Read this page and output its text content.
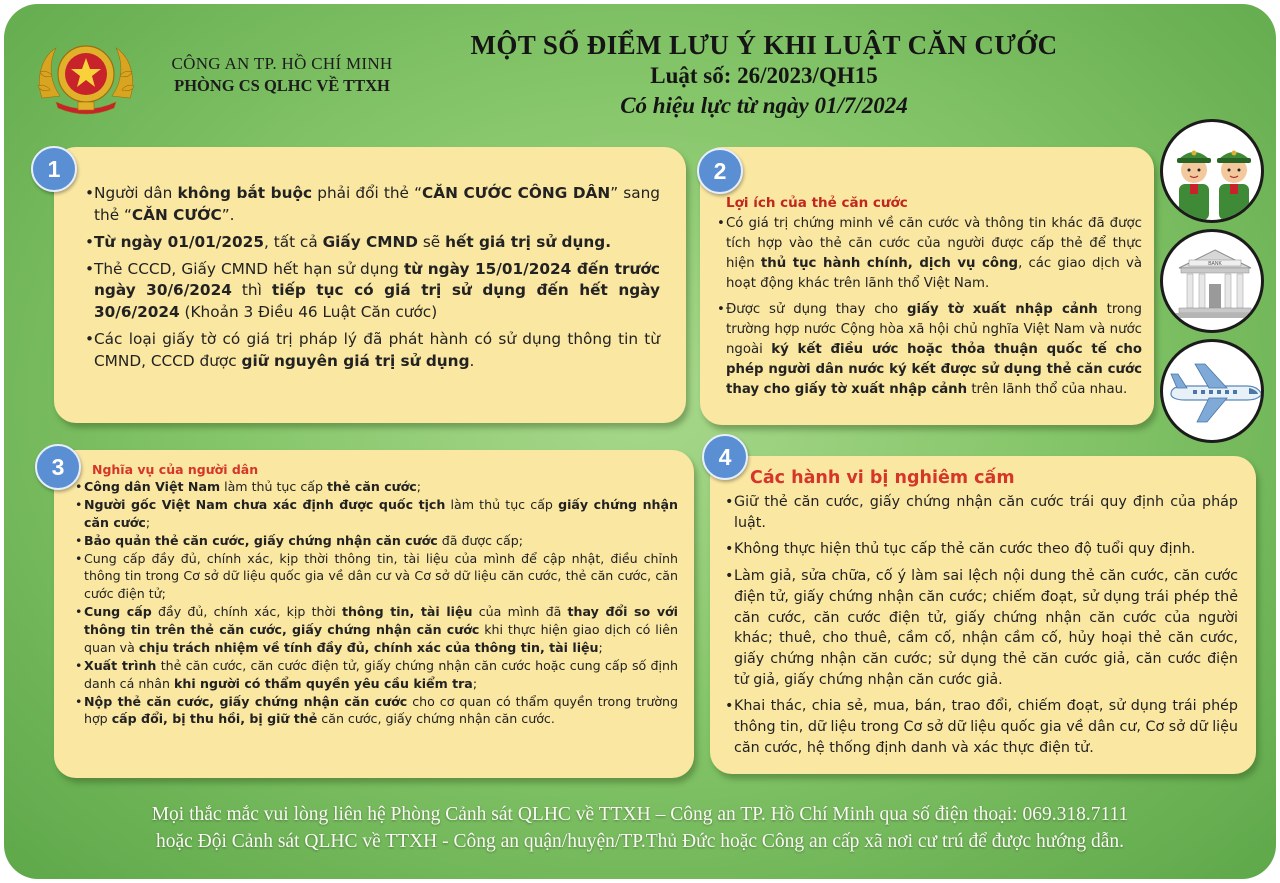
CÔNG AN TP. HỒ CHÍ MINH
PHÒNG CS QLHC VỀ TTXH
MỘT SỐ ĐIỂM LƯU Ý KHI LUẬT CĂN CƯỚC
Luật số: 26/2023/QH15
Có hiệu lực từ ngày 01/7/2024

• Người dân không bắt buộc phải đổi thẻ “CĂN CƯỚC CÔNG DÂN” sang thẻ “CĂN CƯỚC”.

• Từ ngày 01/01/2025, tất cả Giấy CMND sẽ hết giá trị sử dụng.

• Thẻ CCCD, Giấy CMND hết hạn sử dụng từ ngày 15/01/2024 đến trước ngày 30/6/2024 thì tiếp tục có giá trị sử dụng đến hết ngày 30/6/2024 (Khoản 3 Điều 46 Luật Căn cước)

• Các loại giấy tờ có giá trị pháp lý đã phát hành có sử dụng thông tin từ CMND, CCCD được giữ nguyên giá trị sử dụng.

1
Lợi ích của thẻ căn cước

• Có giá trị chứng minh về căn cước và thông tin khác đã được tích hợp vào thẻ căn cước của người được cấp thẻ để thực hiện thủ tục hành chính, dịch vụ công, các giao dịch và hoạt động khác trên lãnh thổ Việt Nam.

• Được sử dụng thay cho giấy tờ xuất nhập cảnh trong trường hợp nước Cộng hòa xã hội chủ nghĩa Việt Nam và nước ngoài ký kết điều ước hoặc thỏa thuận quốc tế cho phép người dân nước ký kết được sử dụng thẻ căn cước thay cho giấy tờ xuất nhập cảnh trên lãnh thổ của nhau.

2
BANK
Nghĩa vụ của người dân

• Công dân Việt Nam làm thủ tục cấp thẻ căn cước;

• Người gốc Việt Nam chưa xác định được quốc tịch làm thủ tục cấp giấy chứng nhận căn cước;

• Bảo quản thẻ căn cước, giấy chứng nhận căn cước đã được cấp;

• Cung cấp đầy đủ, chính xác, kịp thời thông tin, tài liệu của mình để cập nhật, điều chỉnh thông tin trong Cơ sở dữ liệu quốc gia về dân cư và Cơ sở dữ liệu căn cước, thẻ căn cước, căn cước điện tử;

• Cung cấp đầy đủ, chính xác, kịp thời thông tin, tài liệu của mình đã thay đổi so với thông tin trên thẻ căn cước, giấy chứng nhận căn cước khi thực hiện giao dịch có liên quan và chịu trách nhiệm về tính đầy đủ, chính xác của thông tin, tài liệu;

• Xuất trình thẻ căn cước, căn cước điện tử, giấy chứng nhận căn cước hoặc cung cấp số định danh cá nhân khi người có thẩm quyền yêu cầu kiểm tra;

• Nộp thẻ căn cước, giấy chứng nhận căn cước cho cơ quan có thẩm quyền trong trường hợp cấp đổi, bị thu hồi, bị giữ thẻ căn cước, giấy chứng nhận căn cước.

3	Các hành vi bị nghiêm cấm

• Giữ thẻ căn cước, giấy chứng nhận căn cước trái quy định của pháp luật.

• Không thực hiện thủ tục cấp thẻ căn cước theo độ tuổi quy định.

• Làm giả, sửa chữa, cố ý làm sai lệch nội dung thẻ căn cước, căn cước điện tử, giấy chứng nhận căn cước; chiếm đoạt, sử dụng trái phép thẻ căn cước, căn cước điện tử, giấy chứng nhận căn cước của người khác; thuê, cho thuê, cầm cố, nhận cầm cố, hủy hoại thẻ căn cước, giấy chứng nhận căn cước; sử dụng thẻ căn cước giả, căn cước điện tử giả, giấy chứng nhận căn cước giả.

• Khai thác, chia sẻ, mua, bán, trao đổi, chiếm đoạt, sử dụng trái phép thông tin, dữ liệu trong Cơ sở dữ liệu quốc gia về dân cư, Cơ sở dữ liệu căn cước, hệ thống định danh và xác thực điện tử.

4
Mọi thắc mắc vui lòng liên hệ Phòng Cảnh sát QLHC về TTXH – Công an TP. Hồ Chí Minh qua số điện thoại: 069.318.7111
hoặc Đội Cảnh sát QLHC về TTXH - Công an quận/huyện/TP.Thủ Đức hoặc Công an cấp xã nơi cư trú để được hướng dẫn.
